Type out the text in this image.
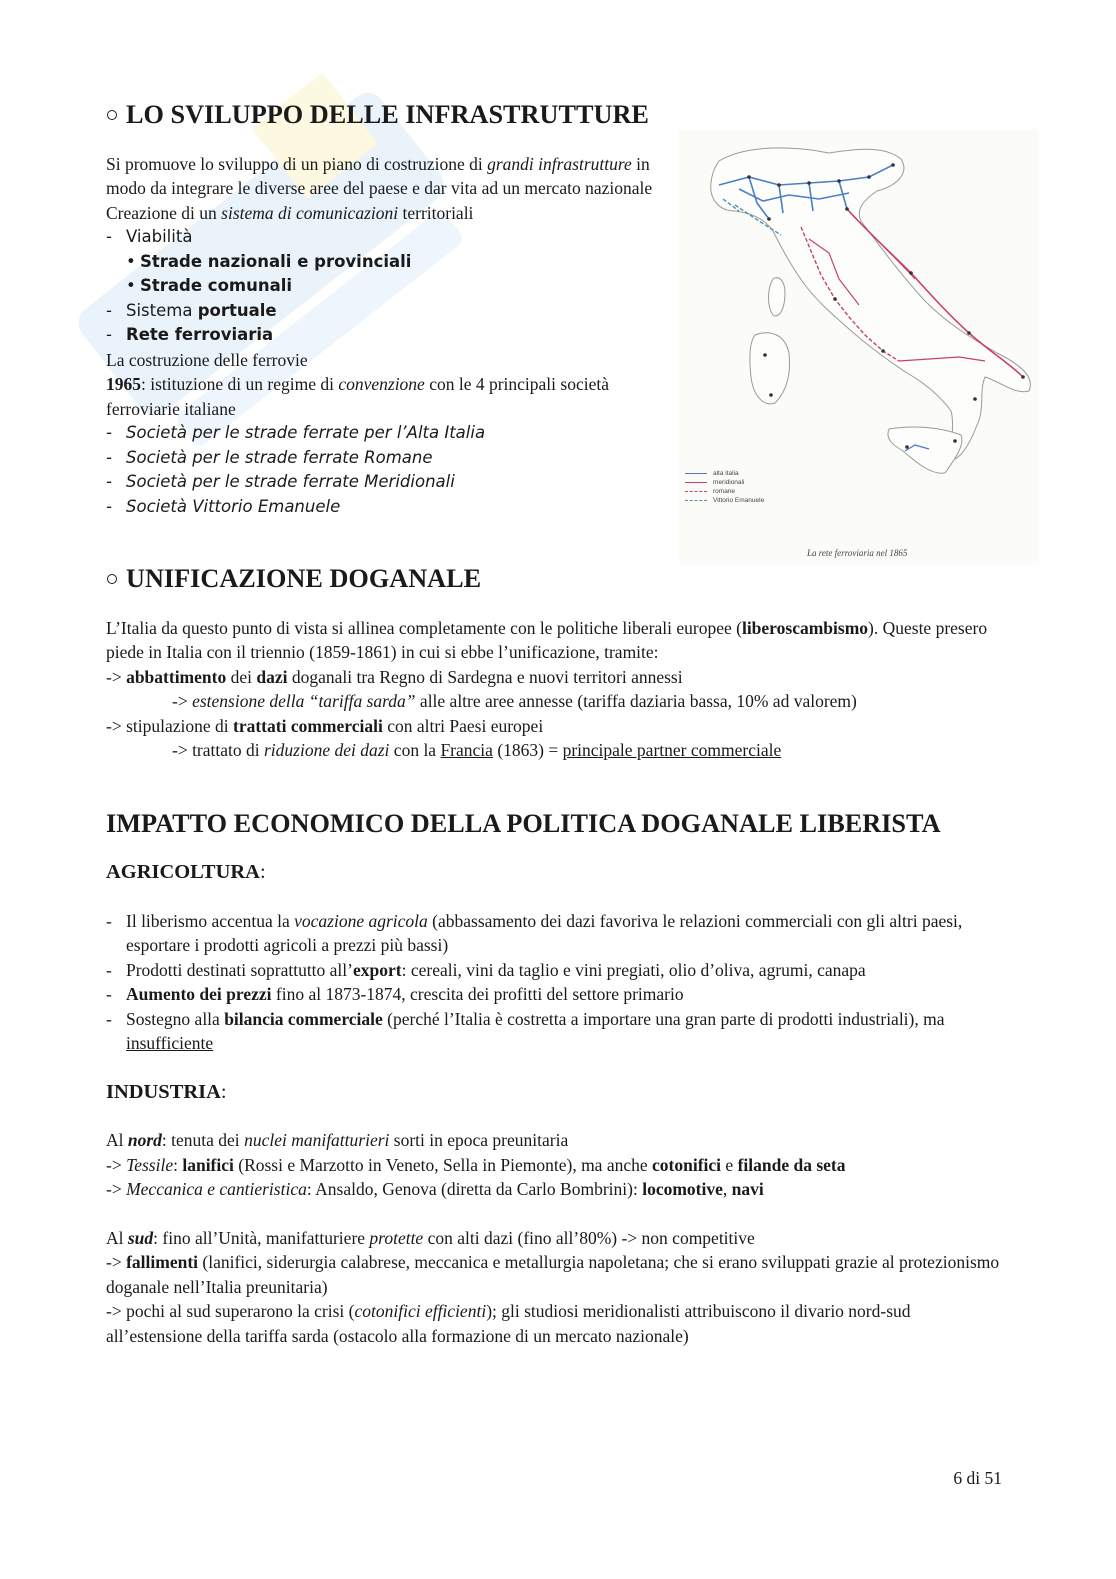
LO SVILUPPO DELLE INFRASTRUTTURE

Si promuove lo sviluppo di un piano di costruzione di grandi infrastrutture in modo da integrare le diverse aree del paese e dar vita ad un mercato nazionale

Creazione di un sistema di comunicazioni territoriali

- Viabilità

• Strade nazionali e provinciali

• Strade comunali

- Sistema portuale

- Rete ferroviaria

La costruzione delle ferrovie

1965: istituzione di un regime di convenzione con le 4 principali società ferroviarie italiane

- Società per le strade ferrate per l’Alta Italia

- Società per le strade ferrate Romane

- Società per le strade ferrate Meridionali

- Società Vittorio Emanuele

UNIFICAZIONE DOGANALE

L’Italia da questo punto di vista si allinea completamente con le politiche liberali europee (liberoscambismo). Queste presero piede in Italia con il triennio (1859-1861) in cui si ebbe l’unificazione, tramite:

-> abbattimento dei dazi doganali tra Regno di Sardegna e nuovi territori annessi

-> estensione della “tariffa sarda” alle altre aree annesse (tariffa daziaria bassa, 10% ad valorem)

-> stipulazione di trattati commerciali con altri Paesi europei

-> trattato di riduzione dei dazi con la Francia (1863) = principale partner commerciale

IMPATTO ECONOMICO DELLA POLITICA DOGANALE LIBERISTA
AGRICOLTURA :

- Il liberismo accentua la vocazione agricola (abbassamento dei dazi favoriva le relazioni commerciali con gli altri paesi, esportare i prodotti agricoli a prezzi più bassi)

- Prodotti destinati soprattutto all’export: cereali, vini da taglio e vini pregiati, olio d’oliva, agrumi, canapa

- Aumento dei prezzi fino al 1873-1874, crescita dei profitti del settore primario

- Sostegno alla bilancia commerciale (perché l’Italia è costretta a importare una gran parte di prodotti industriali), ma insufficiente

INDUSTRIA :

Al nord: tenuta dei nuclei manifatturieri sorti in epoca preunitaria

-> Tessile: lanifici (Rossi e Marzotto in Veneto, Sella in Piemonte), ma anche cotonifici e filande da seta

-> Meccanica e cantieristica: Ansaldo, Genova (diretta da Carlo Bombrini): locomotive, navi

Al sud: fino all’Unità, manifatturiere protette con alti dazi (fino all’80%) -> non competitive

-> fallimenti (lanifici, siderurgia calabrese, meccanica e metallurgia napoletana; che si erano sviluppati grazie al protezionismo doganale nell’Italia preunitaria)

-> pochi al sud superarono la crisi (cotonifici efficienti); gli studiosi meridionalisti attribuiscono il divario nord-sud all’estensione della tariffa sarda (ostacolo alla formazione di un mercato nazionale)

alta italia
meridionali
romane
Vittorio Emanuele
La rete ferroviaria nel 1865
6 di 51
